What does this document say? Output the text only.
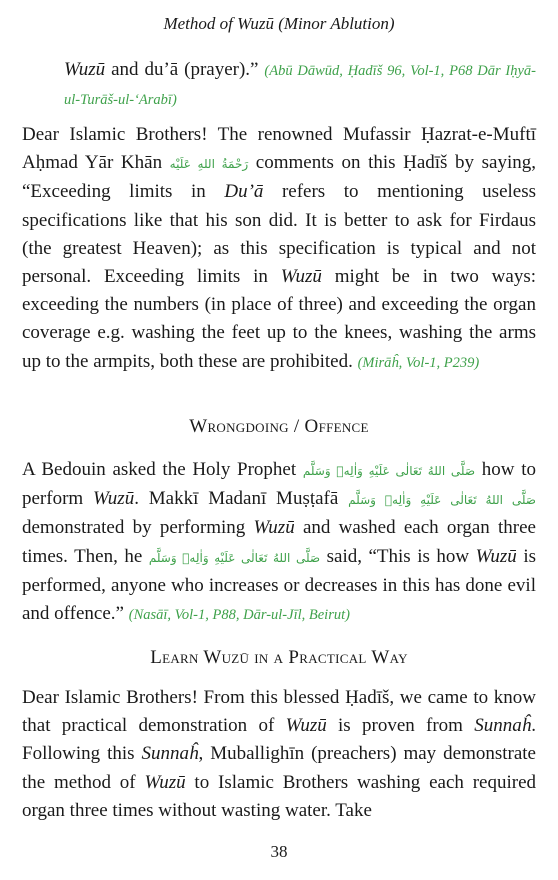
Method of Wuzū (Minor Ablution)

Wuzū and du’ā (prayer).” (Abū Dāwūd, Ḥadīš 96, Vol-1, P68 Dār Iḥyā-ul-Turāš-ul-‘Arabī)

Dear Islamic Brothers! The renowned Mufassir Ḥazrat-e-Muftī Aḥmad Yār Khān رَحْمَةُ اللهِ عَلَيْه comments on this Ḥadīš by saying, “Exceeding limits in Du’ā refers to mentioning useless specifications like that his son did. It is better to ask for Firdaus (the greatest Heaven); as this specification is typical and not personal. Exceeding limits in Wuzū might be in two ways: exceeding the numbers (in place of three) and exceeding the organ coverage e.g. washing the feet up to the knees, washing the arms up to the armpits, both these are prohibited. (Mirāĥ, Vol-1, P239)

Wrongdoing / Offence

A Bedouin asked the Holy Prophet صَلَّى اللهُ تَعَالٰى عَلَيْهِ وَاٰلِهٖ وَسَلَّم how to perform Wuzū. Makkī Madanī Muṣṭafā صَلَّى اللهُ تَعَالٰى عَلَيْهِ وَاٰلِهٖ وَسَلَّم demonstrated by performing Wuzū and washed each organ three times. Then, he صَلَّى اللهُ تَعَالٰى عَلَيْهِ وَاٰلِهٖ وَسَلَّم said, “This is how Wuzū is performed, anyone who increases or decreases in this has done evil and offence.” (Nasāī, Vol-1, P88, Dār-ul-Jīl, Beirut)

Learn Wuzū in a Practical Way

Dear Islamic Brothers! From this blessed Ḥadīš, we came to know that practical demonstration of Wuzū is proven from Sunnaĥ. Following this Sunnaĥ, Muballighīn (preachers) may demonstrate the method of Wuzū to Islamic Brothers washing each required organ three times without wasting water. Take

38
